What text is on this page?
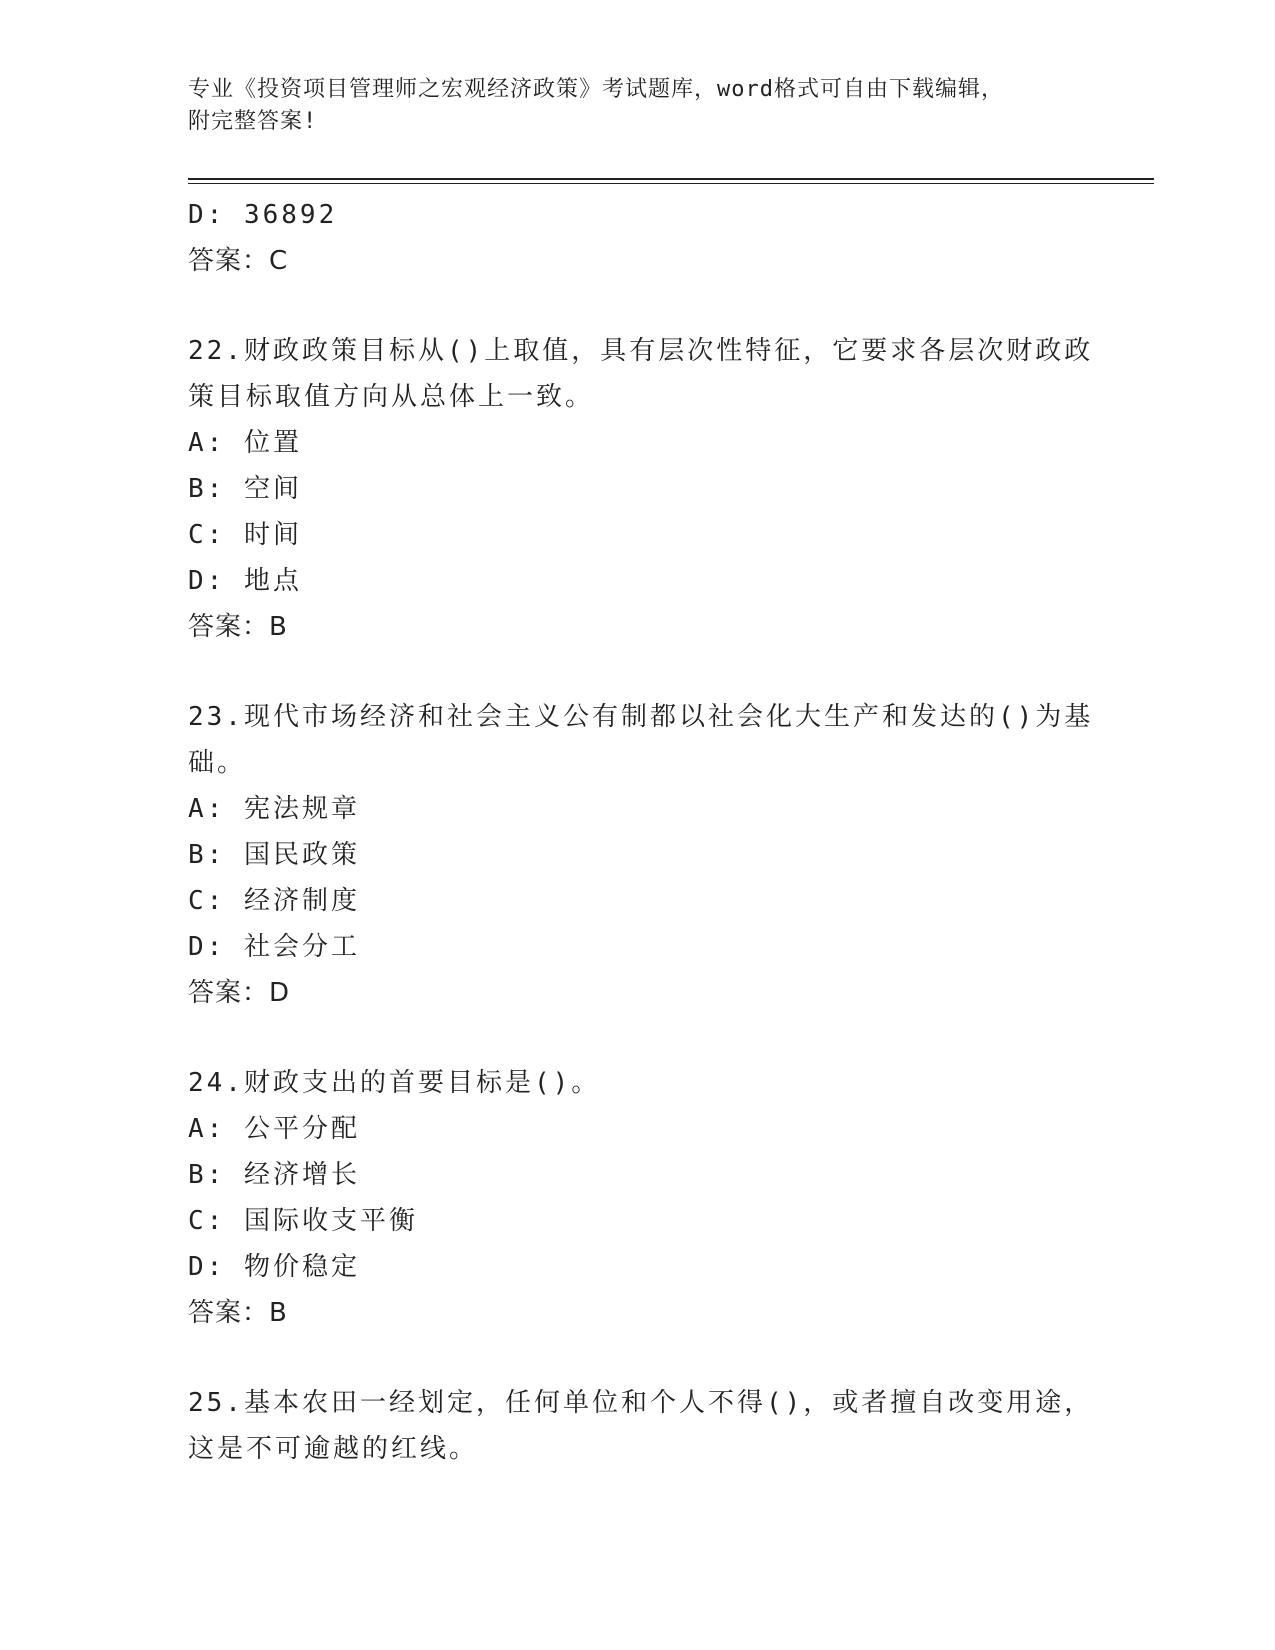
专业《投资项目管理师之宏观经济政策》考试题库，word格式可自由下载编辑，
附完整答案!
D: 36892
答案：C
22.财政政策目标从()上取值，具有层次性特征，它要求各层次财政政
策目标取值方向从总体上一致。
A: 位置
B: 空间
C: 时间
D: 地点
答案：B
23.现代市场经济和社会主义公有制都以社会化大生产和发达的()为基
础。
A: 宪法规章
B: 国民政策
C: 经济制度
D: 社会分工
答案：D
24.财政支出的首要目标是()。
A: 公平分配
B: 经济增长
C: 国际收支平衡
D: 物价稳定
答案：B
25.基本农田一经划定，任何单位和个人不得()，或者擅自改变用途，
这是不可逾越的红线。
